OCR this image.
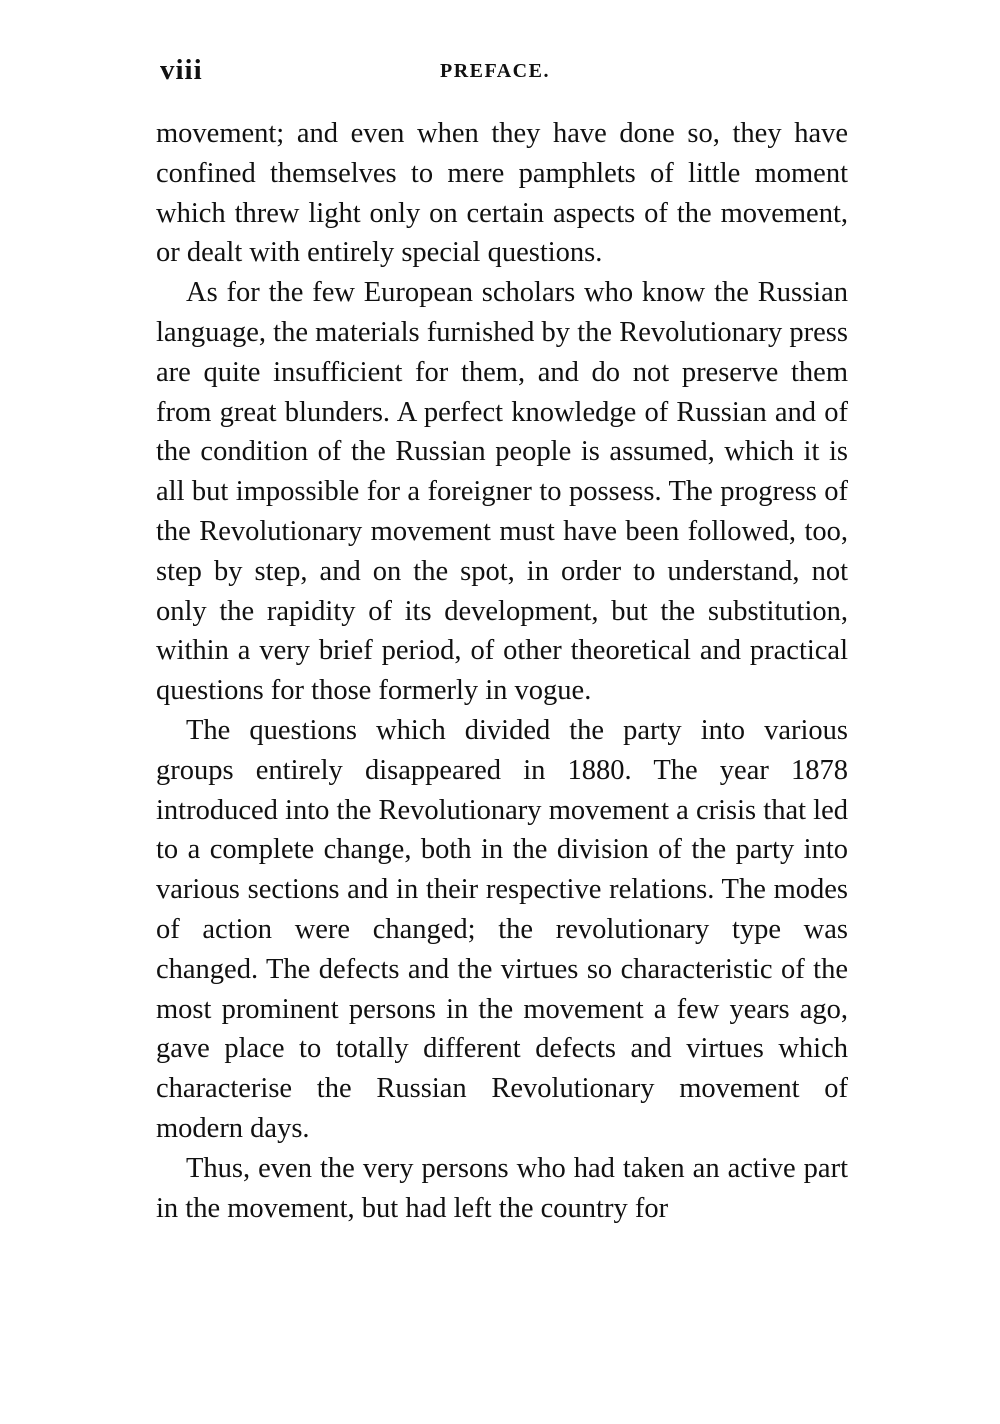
viii	PREFACE.

movement; and even when they have done so, they have confined themselves to mere pamphlets of little moment which threw light only on certain aspects of the movement, or dealt with entirely special questions.

As for the few European scholars who know the Russian language, the materials furnished by the Revolutionary press are quite insufficient for them, and do not preserve them from great blunders. A perfect knowledge of Russian and of the condition of the Russian people is assumed, which it is all but impossible for a foreigner to possess. The progress of the Revolutionary movement must have been followed, too, step by step, and on the spot, in order to understand, not only the rapidity of its development, but the substitution, within a very brief period, of other theoretical and practical questions for those formerly in vogue.

The questions which divided the party into various groups entirely disappeared in 1880. The year 1878 introduced into the Revolutionary movement a crisis that led to a complete change, both in the division of the party into various sections and in their respective relations. The modes of action were changed; the revolutionary type was changed. The defects and the virtues so characteristic of the most prominent persons in the movement a few years ago, gave place to totally different defects and virtues which characterise the Russian Revolutionary movement of modern days.

Thus, even the very persons who had taken an active part in the movement, but had left the country for
